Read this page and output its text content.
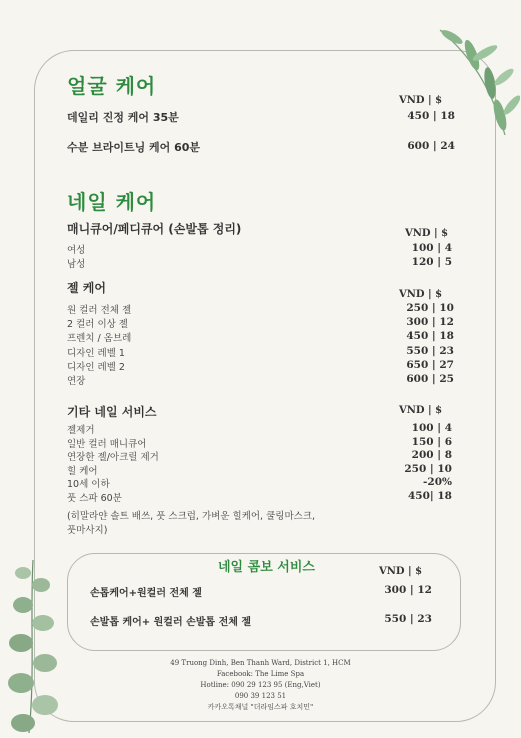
얼굴 케어
VND | $
데일리 진정 케어 35분	450 | 18
수분 브라이트닝 케어 60분	600 | 24
네일 케어
매니큐어/페디큐어 (손발톱 정리)	VND | $
여성	100 | 4
남성	120 | 5
젤 케어	VND | $
원 컬러 전체 젤	250 | 10
2 컬러 이상 젤	300 | 12
프렌치 / 옴브레	450 | 18
디자인 레벨 1	550 | 23
디자인 레벨 2	650 | 27
연장	600 | 25
기타 네일 서비스	VND | $
젤제거	100 | 4
일반 컬러 매니큐어	150 | 6
연장한 젤/아크릴 제거	200 | 8
힐 케어	250 | 10
10세 이하	-20%
풋 스파 60분	450| 18
(히말라얀 솔트 배쓰, 풋 스크럽, 가벼운 힐케어, 쿨링마스크,
풋마사지)
네일 콤보 서비스	VND | $
손톱케어+원컬러 전체 젤	300 | 12
손발톱 케어+ 원컬러 손발톱 전체 젤	550 | 23
49 Truong Dinh, Ben Thanh Ward, District 1, HCM
Facebook: The Lime Spa
Hotline: 090 29 123 95 (Eng,Viet)
090 39 123 51
카카오톡채널 "더라임스파 호치민"
